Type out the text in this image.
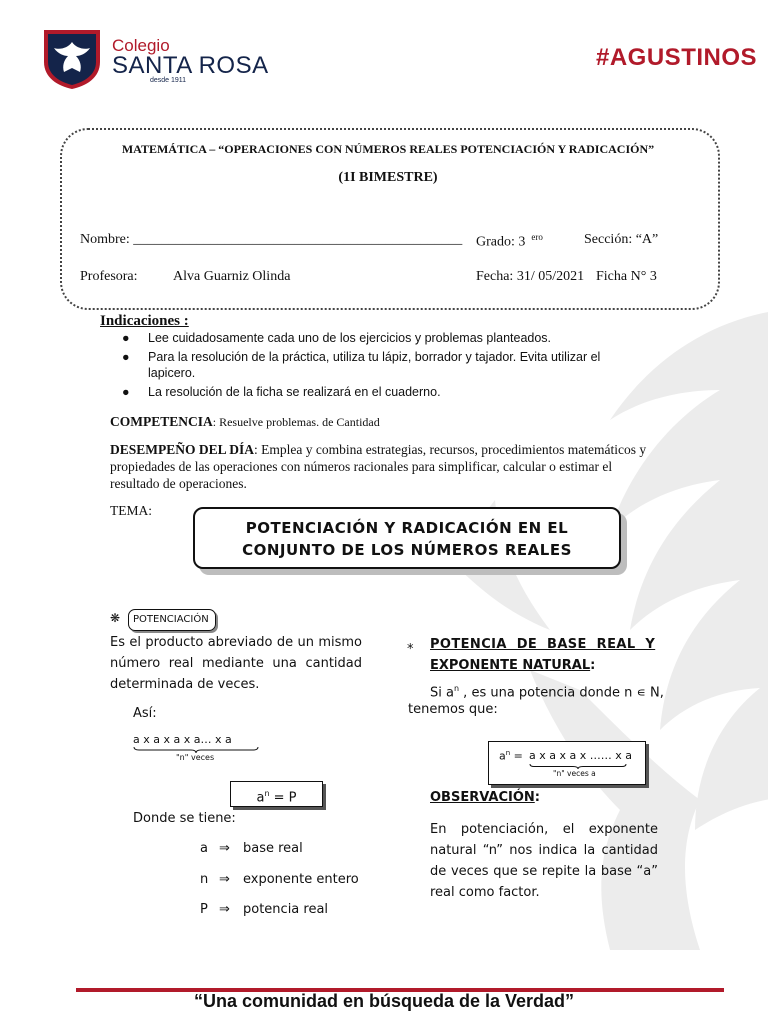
Colegio
SANTA ROSA
desde 1911
#AGUSTINOS
MATEMÁTICA – “OPERACIONES CON NÚMEROS REALES POTENCIACIÓN Y RADICACIÓN”
(1I BIMESTRE)
Nombre: _______________________________________________ Grado: 3 $^{ero}$	Sección: “A”
Profesora:	Alva Guarniz Olinda	Fecha: 31/ 05/2021 Ficha N° 3
Indicaciones :
● Lee cuidadosamente cada uno de los ejercicios y problemas planteados.
● Para la resolución de la práctica, utiliza tu lápiz, borrador y tajador. Evita utilizar el lapicero.
● La resolución de la ficha se realizará en el cuaderno.
COMPETENCIA: Resuelve problemas. de Cantidad
DESEMPEÑO DEL DÍA: Emplea y combina estrategias, recursos, procedimientos matemáticos y propiedades de las operaciones con números racionales para simplificar, calcular o estimar el resultado de operaciones.
TEMA:
POTENCIACIÓN Y RADICACIÓN EN EL
CONJUNTO DE LOS NÚMEROS REALES
❋	POTENCIACIÓN
Es el producto abreviado de un mismo número real mediante una cantidad determinada de veces.
Así:
a x a x a x a… x a
"n" veces
$a^n = P$
Donde se tiene:
a ⇒ base real
n ⇒ exponente entero
P ⇒ potencia real
* POTENCIA  DE  BASE  REAL  Y
EXPONENTE NATURAL:
Si $a^n$ , es una potencia donde n ∊ N,
tenemos que:
$a^n = a$ x a x a x …… x a
"n" veces a
OBSERVACIÓN:
En potenciación, el exponente natural “n” nos indica la cantidad de veces que se repite la base “a” real como factor.
“Una comunidad en búsqueda de la Verdad”
